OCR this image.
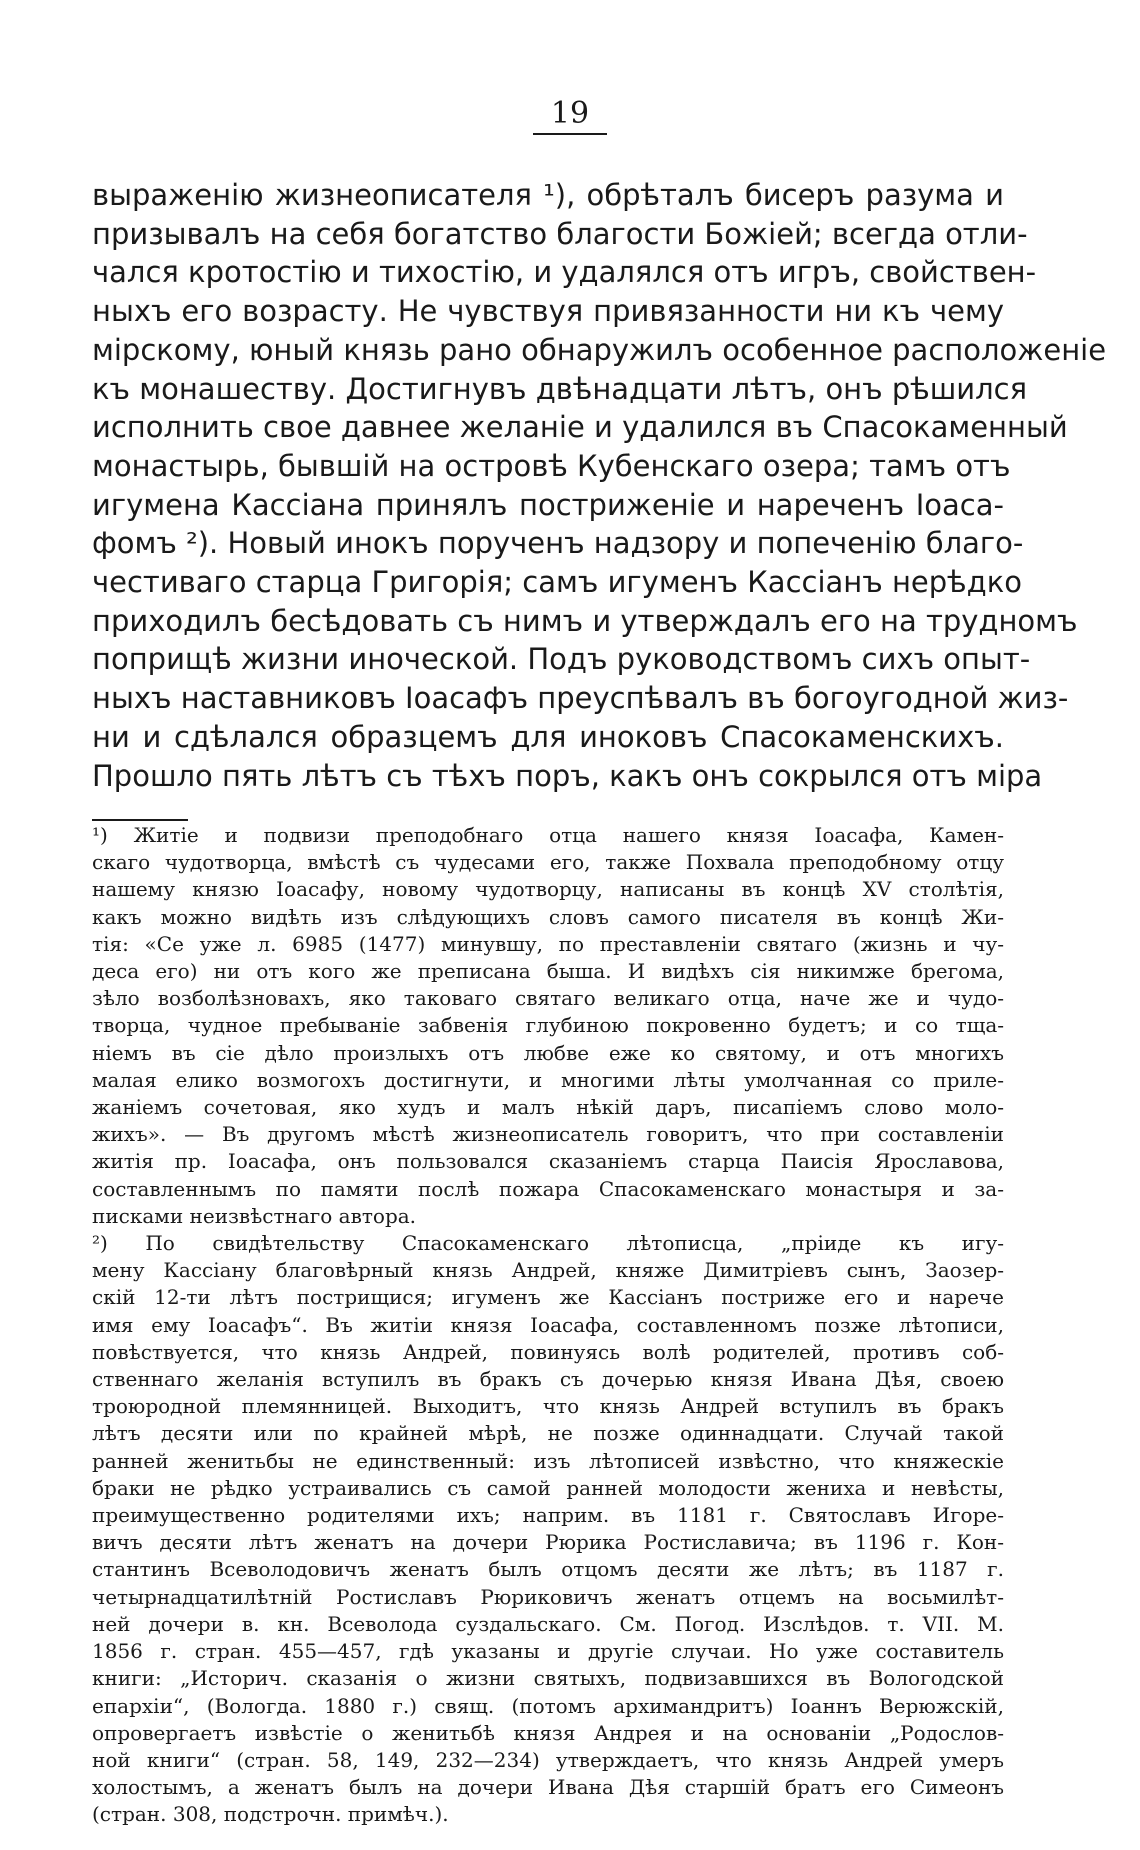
19
выраженію жизнеописателя ¹), обрѣталъ бисеръ разума и
призывалъ на себя богатство благости Божіей; всегда отли-
чался кротостію и тихостію, и удалялся отъ игръ, свойствен-
ныхъ его возрасту. Не чувствуя привязанности ни къ чему
мірскому, юный князь рано обнаружилъ особенное расположеніе
къ монашеству. Достигнувъ двѣнадцати лѣтъ, онъ рѣшился
исполнить свое давнее желаніе и удалился въ Спасокаменный
монастырь, бывшій на островѣ Кубенскаго озера; тамъ отъ
игумена Кассіана принялъ постриженіе и нареченъ Іоаса-
фомъ ²). Новый инокъ порученъ надзору и попеченію благо-
честиваго старца Григорія; самъ игуменъ Кассіанъ нерѣдко
приходилъ бесѣдовать съ нимъ и утверждалъ его на трудномъ
поприщѣ жизни иноческой. Подъ руководствомъ сихъ опыт-
ныхъ наставниковъ Іоасафъ преуспѣвалъ въ богоугодной жиз-
ни и сдѣлался образцемъ для иноковъ Спасокаменскихъ.
Прошло пять лѣтъ съ тѣхъ поръ, какъ онъ сокрылся отъ міра
¹) Житіе и подвизи преподобнаго отца нашего князя Іоасафа, Камен-
скаго чудотворца, вмѣстѣ съ чудесами его, также Похвала преподобному отцу
нашему князю Іоасафу, новому чудотворцу, написаны въ концѣ XV столѣтія,
какъ можно видѣть изъ слѣдующихъ словъ самого писателя въ концѣ Жи-
тія: «Се уже л. 6985 (1477) минувшу, по преставленіи святаго (жизнь и чу-
деса его) ни отъ кого же преписана быша. И видѣхъ сія никимже брегома,
зѣло возболѣзновахъ, яко таковаго святаго великаго отца, наче же и чудо-
творца, чудное пребываніе забвенія глубиною покровенно будетъ; и со тща-
ніемъ въ сіе дѣло произлыхъ отъ любве еже ко святому, и отъ многихъ
малая елико возмогохъ достигнути, и многими лѣты умолчанная со приле-
жаніемъ сочетовая, яко худъ и малъ нѣкій даръ, писапіемъ слово моло-
жихъ». — Въ другомъ мѣстѣ жизнеописатель говоритъ, что при составленіи
житія пр. Іоасафа, онъ пользовался сказаніемъ старца Паисія Ярославова,
составленнымъ по памяти послѣ пожара Спасокаменскаго монастыря и за-
писками неизвѣстнаго автора.
²) По свидѣтельству Спасокаменскаго лѣтописца, „пріиде къ игу-
мену Кассіану благовѣрный князь Андрей, княже Димитріевъ сынъ, Заозер-
скій 12-ти лѣтъ пострищися; игуменъ же Кассіанъ постриже его и нарече
имя ему Іоасафъ“. Въ житіи князя Іоасафа, составленномъ позже лѣтописи,
повѣствуется, что князь Андрей, повинуясь волѣ родителей, противъ соб-
ственнаго желанія вступилъ въ бракъ съ дочерью князя Ивана Дѣя, своею
троюродной племянницей. Выходитъ, что князь Андрей вступилъ въ бракъ
лѣтъ десяти или по крайней мѣрѣ, не позже одиннадцати. Случай такой
ранней женитьбы не единственный: изъ лѣтописей извѣстно, что княжескіе
браки не рѣдко устраивались съ самой ранней молодости жениха и невѣсты,
преимущественно родителями ихъ; наприм. въ 1181 г. Святославъ Игоре-
вичъ десяти лѣтъ женатъ на дочери Рюрика Ростиславича; въ 1196 г. Кон-
стантинъ Всеволодовичъ женатъ былъ отцомъ десяти же лѣтъ; въ 1187 г.
четырнадцатилѣтній Ростиславъ Рюриковичъ женатъ отцемъ на восьмилѣт-
ней дочери в. кн. Всеволода суздальскаго. См. Погод. Изслѣдов. т. VII. М.
1856 г. стран. 455—457, гдѣ указаны и другіе случаи. Но уже составитель
книги: „Историч. сказанія о жизни святыхъ, подвизавшихся въ Вологодской
епархіи“, (Вологда. 1880 г.) свящ. (потомъ архимандритъ) Іоаннъ Верюжскій,
опровергаетъ извѣстіе о женитьбѣ князя Андрея и на основаніи „Родослов-
ной книги“ (стран. 58, 149, 232—234) утверждаетъ, что князь Андрей умеръ
холостымъ, а женатъ былъ на дочери Ивана Дѣя старшій братъ его Симеонъ
(стран. 308, подстрочн. примѣч.).
